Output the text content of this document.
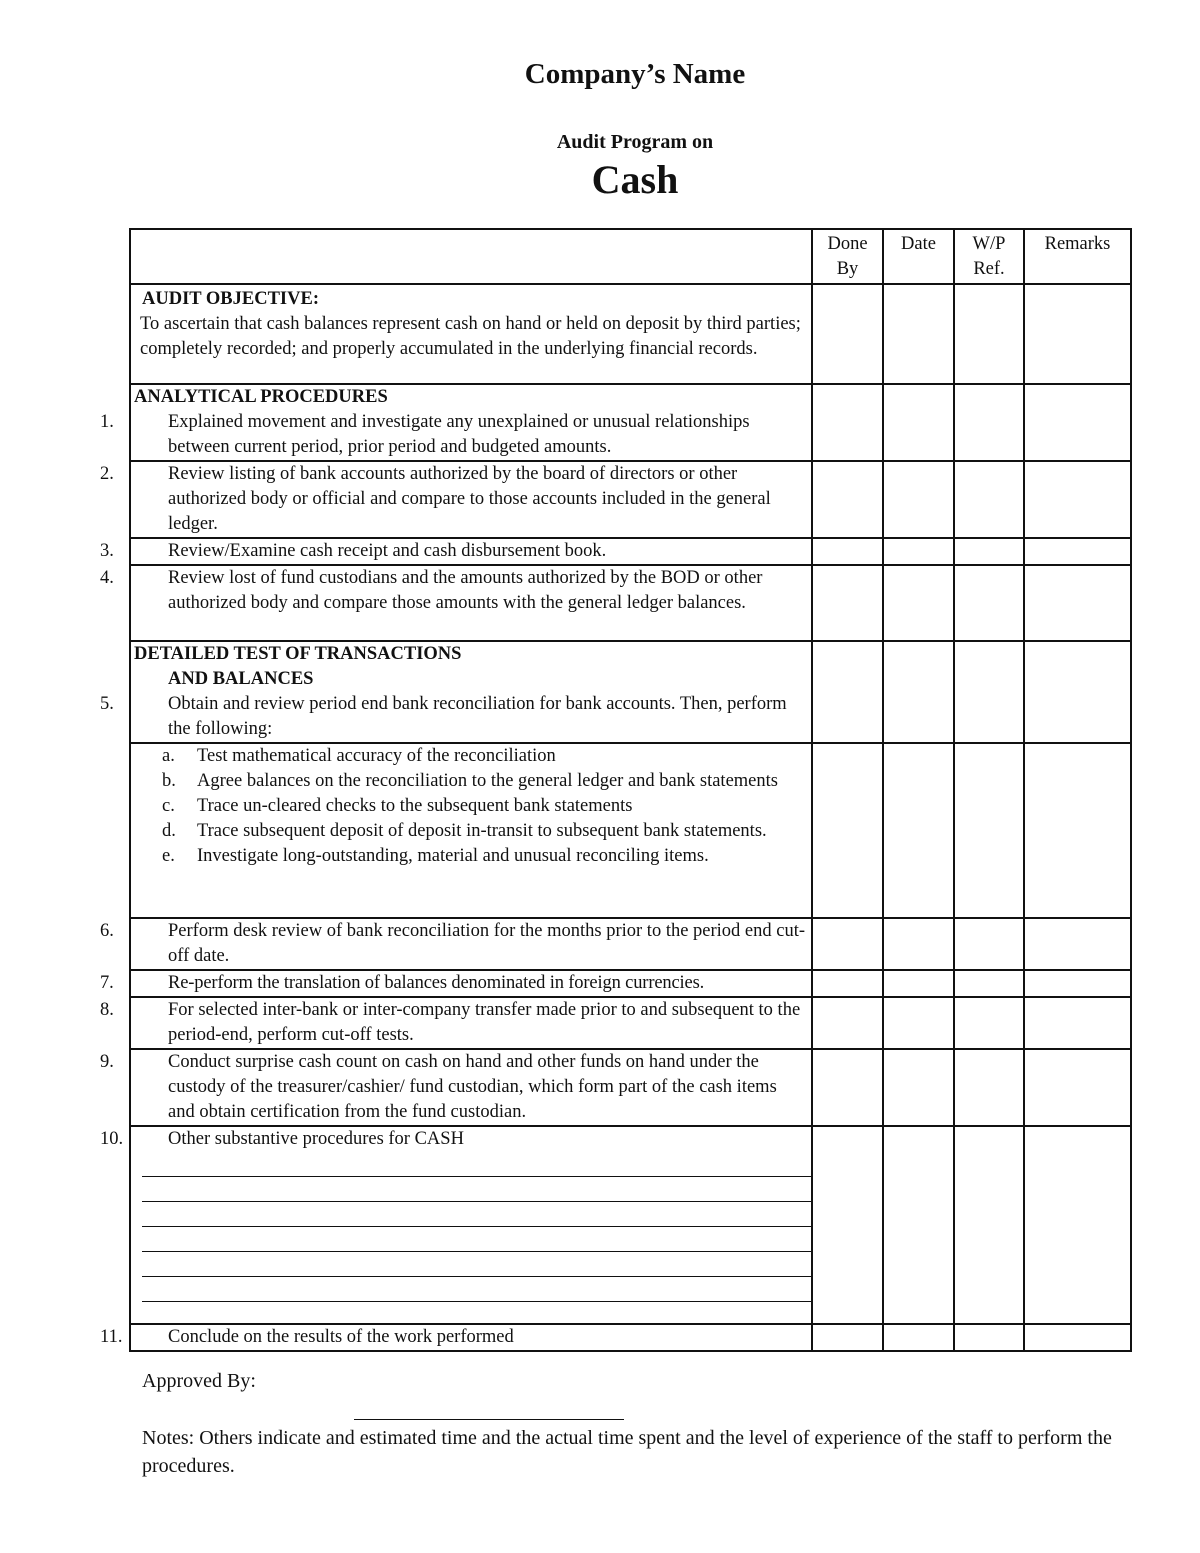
Company’s Name
Audit Program on
Cash
	Done By	Date	W/P Ref.	Remarks

AUDIT OBJECTIVE:
To ascertain that cash balances represent cash on hand or held on deposit by third parties; completely recorded; and properly accumulated in the underlying financial records.				

ANALYTICAL PROCEDURES
1. Explained movement and investigate any unexplained or unusual relationships between current period, prior period and budgeted amounts.				

2. Review listing of bank accounts authorized by the board of directors or other authorized body or official and compare to those accounts included in the general ledger.				

3. Review/Examine cash receipt and cash disbursement book.				

4. Review lost of fund custodians and the amounts authorized by the BOD or other authorized body and compare those amounts with the general ledger balances.				

DETAILED TEST OF TRANSACTIONS
AND BALANCES
5. Obtain and review period end bank reconciliation for bank accounts. Then, perform the following:				

a. Test mathematical accuracy of the reconciliation
b. Agree balances on the reconciliation to the general ledger and bank statements
c. Trace un-cleared checks to the subsequent bank statements
d. Trace subsequent deposit of deposit in-transit to subsequent bank statements.
e. Investigate long-outstanding, material and unusual reconciling items.				

6. Perform desk review of bank reconciliation for the months prior to the period end cut-off date.				

7. Re-perform the translation of balances denominated in foreign currencies.				

8. For selected inter-bank or inter-company transfer made prior to and subsequent to the period-end, perform cut-off tests.				

9. Conduct surprise cash count on cash on hand and other funds on hand under the custody of the treasurer/cashier/ fund custodian, which form part of the cash items and obtain certification from the fund custodian.				

10. Other substantive procedures for CASH				

11. Conclude on the results of the work performed				

Approved By:
Notes: Others indicate and estimated time and the actual time spent and the level of experience of the staff to perform the procedures.
